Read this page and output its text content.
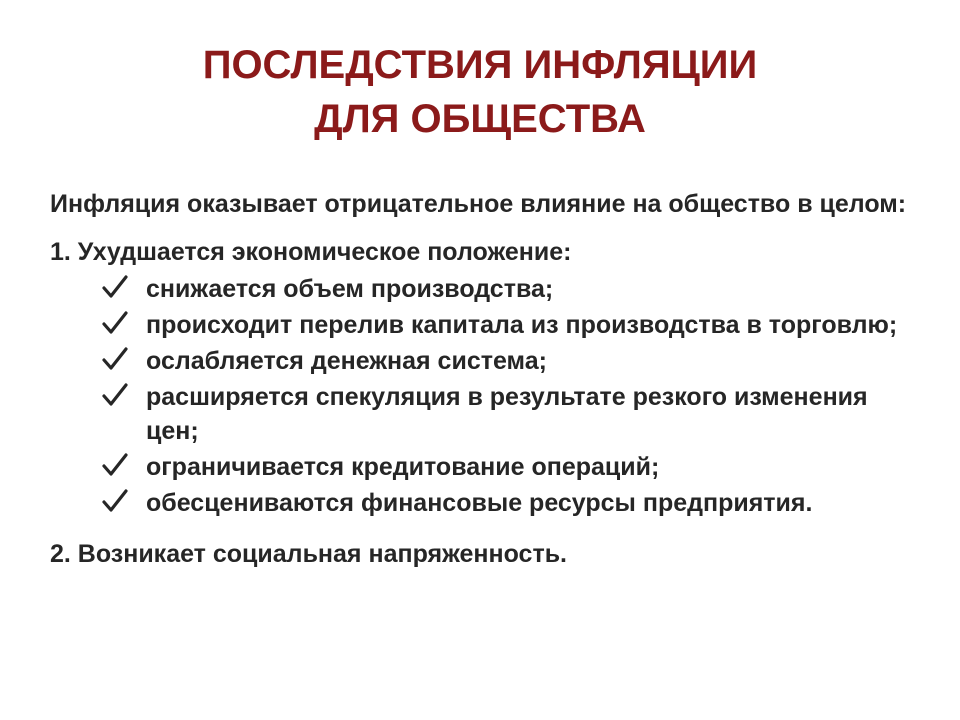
ПОСЛЕДСТВИЯ ИНФЛЯЦИИ
ДЛЯ ОБЩЕСТВА

Инфляция оказывает отрицательное влияние на общество в целом:

1. Ухудшается экономическое положение:

снижается объем производства;
происходит перелив капитала из производства в торговлю;
ослабляется денежная система;
расширяется спекуляция в результате резкого изменения цен;
ограничивается кредитование операций;
обесцениваются финансовые ресурсы предприятия.

2. Возникает социальная напряженность.
